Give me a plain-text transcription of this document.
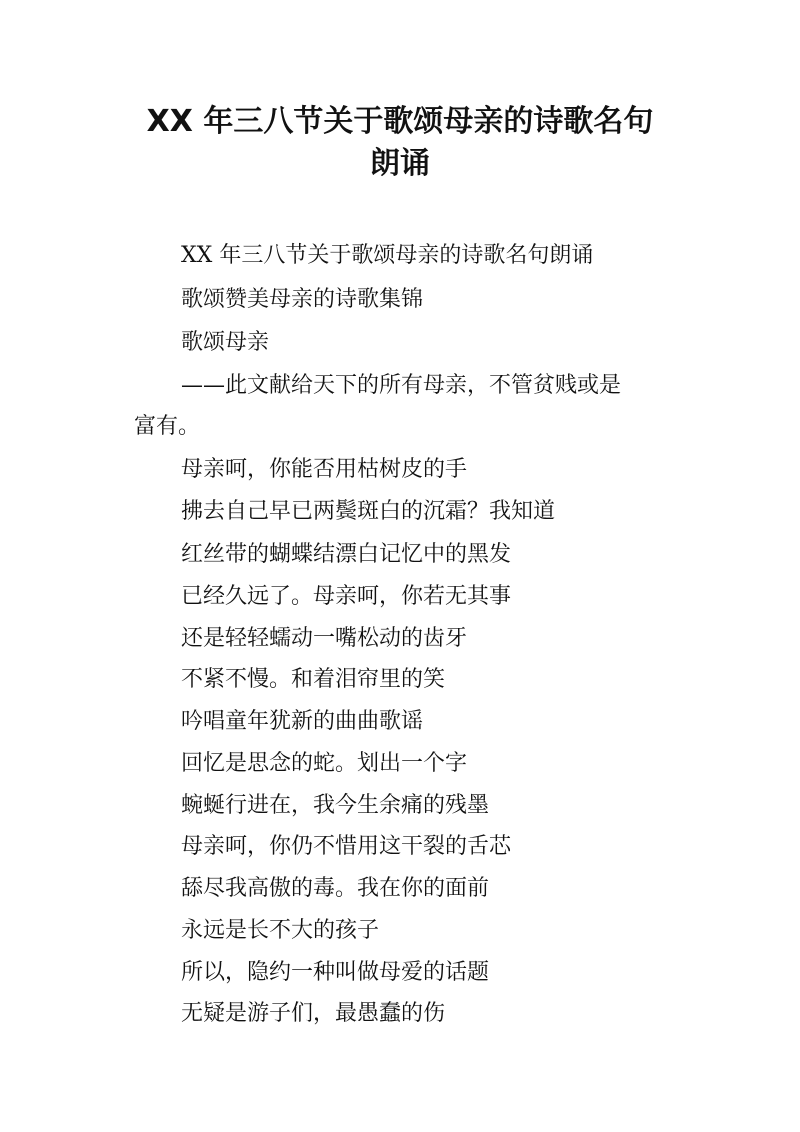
XX 年三八节关于歌颂母亲的诗歌名句
朗诵

XX 年三八节关于歌颂母亲的诗歌名句朗诵

歌颂赞美母亲的诗歌集锦

歌颂母亲

——此文献给天下的所有母亲，不管贫贱或是

富有。

母亲呵，你能否用枯树皮的手

拂去自己早已两鬓斑白的沉霜？我知道

红丝带的蝴蝶结漂白记忆中的黑发

已经久远了。母亲呵，你若无其事

还是轻轻蠕动一嘴松动的齿牙

不紧不慢。和着泪帘里的笑

吟唱童年犹新的曲曲歌谣

回忆是思念的蛇。划出一个字

蜿蜒行进在，我今生余痛的残墨

母亲呵，你仍不惜用这干裂的舌芯

舔尽我高傲的毒。我在你的面前

永远是长不大的孩子

所以，隐约一种叫做母爱的话题

无疑是游子们，最愚蠢的伤
